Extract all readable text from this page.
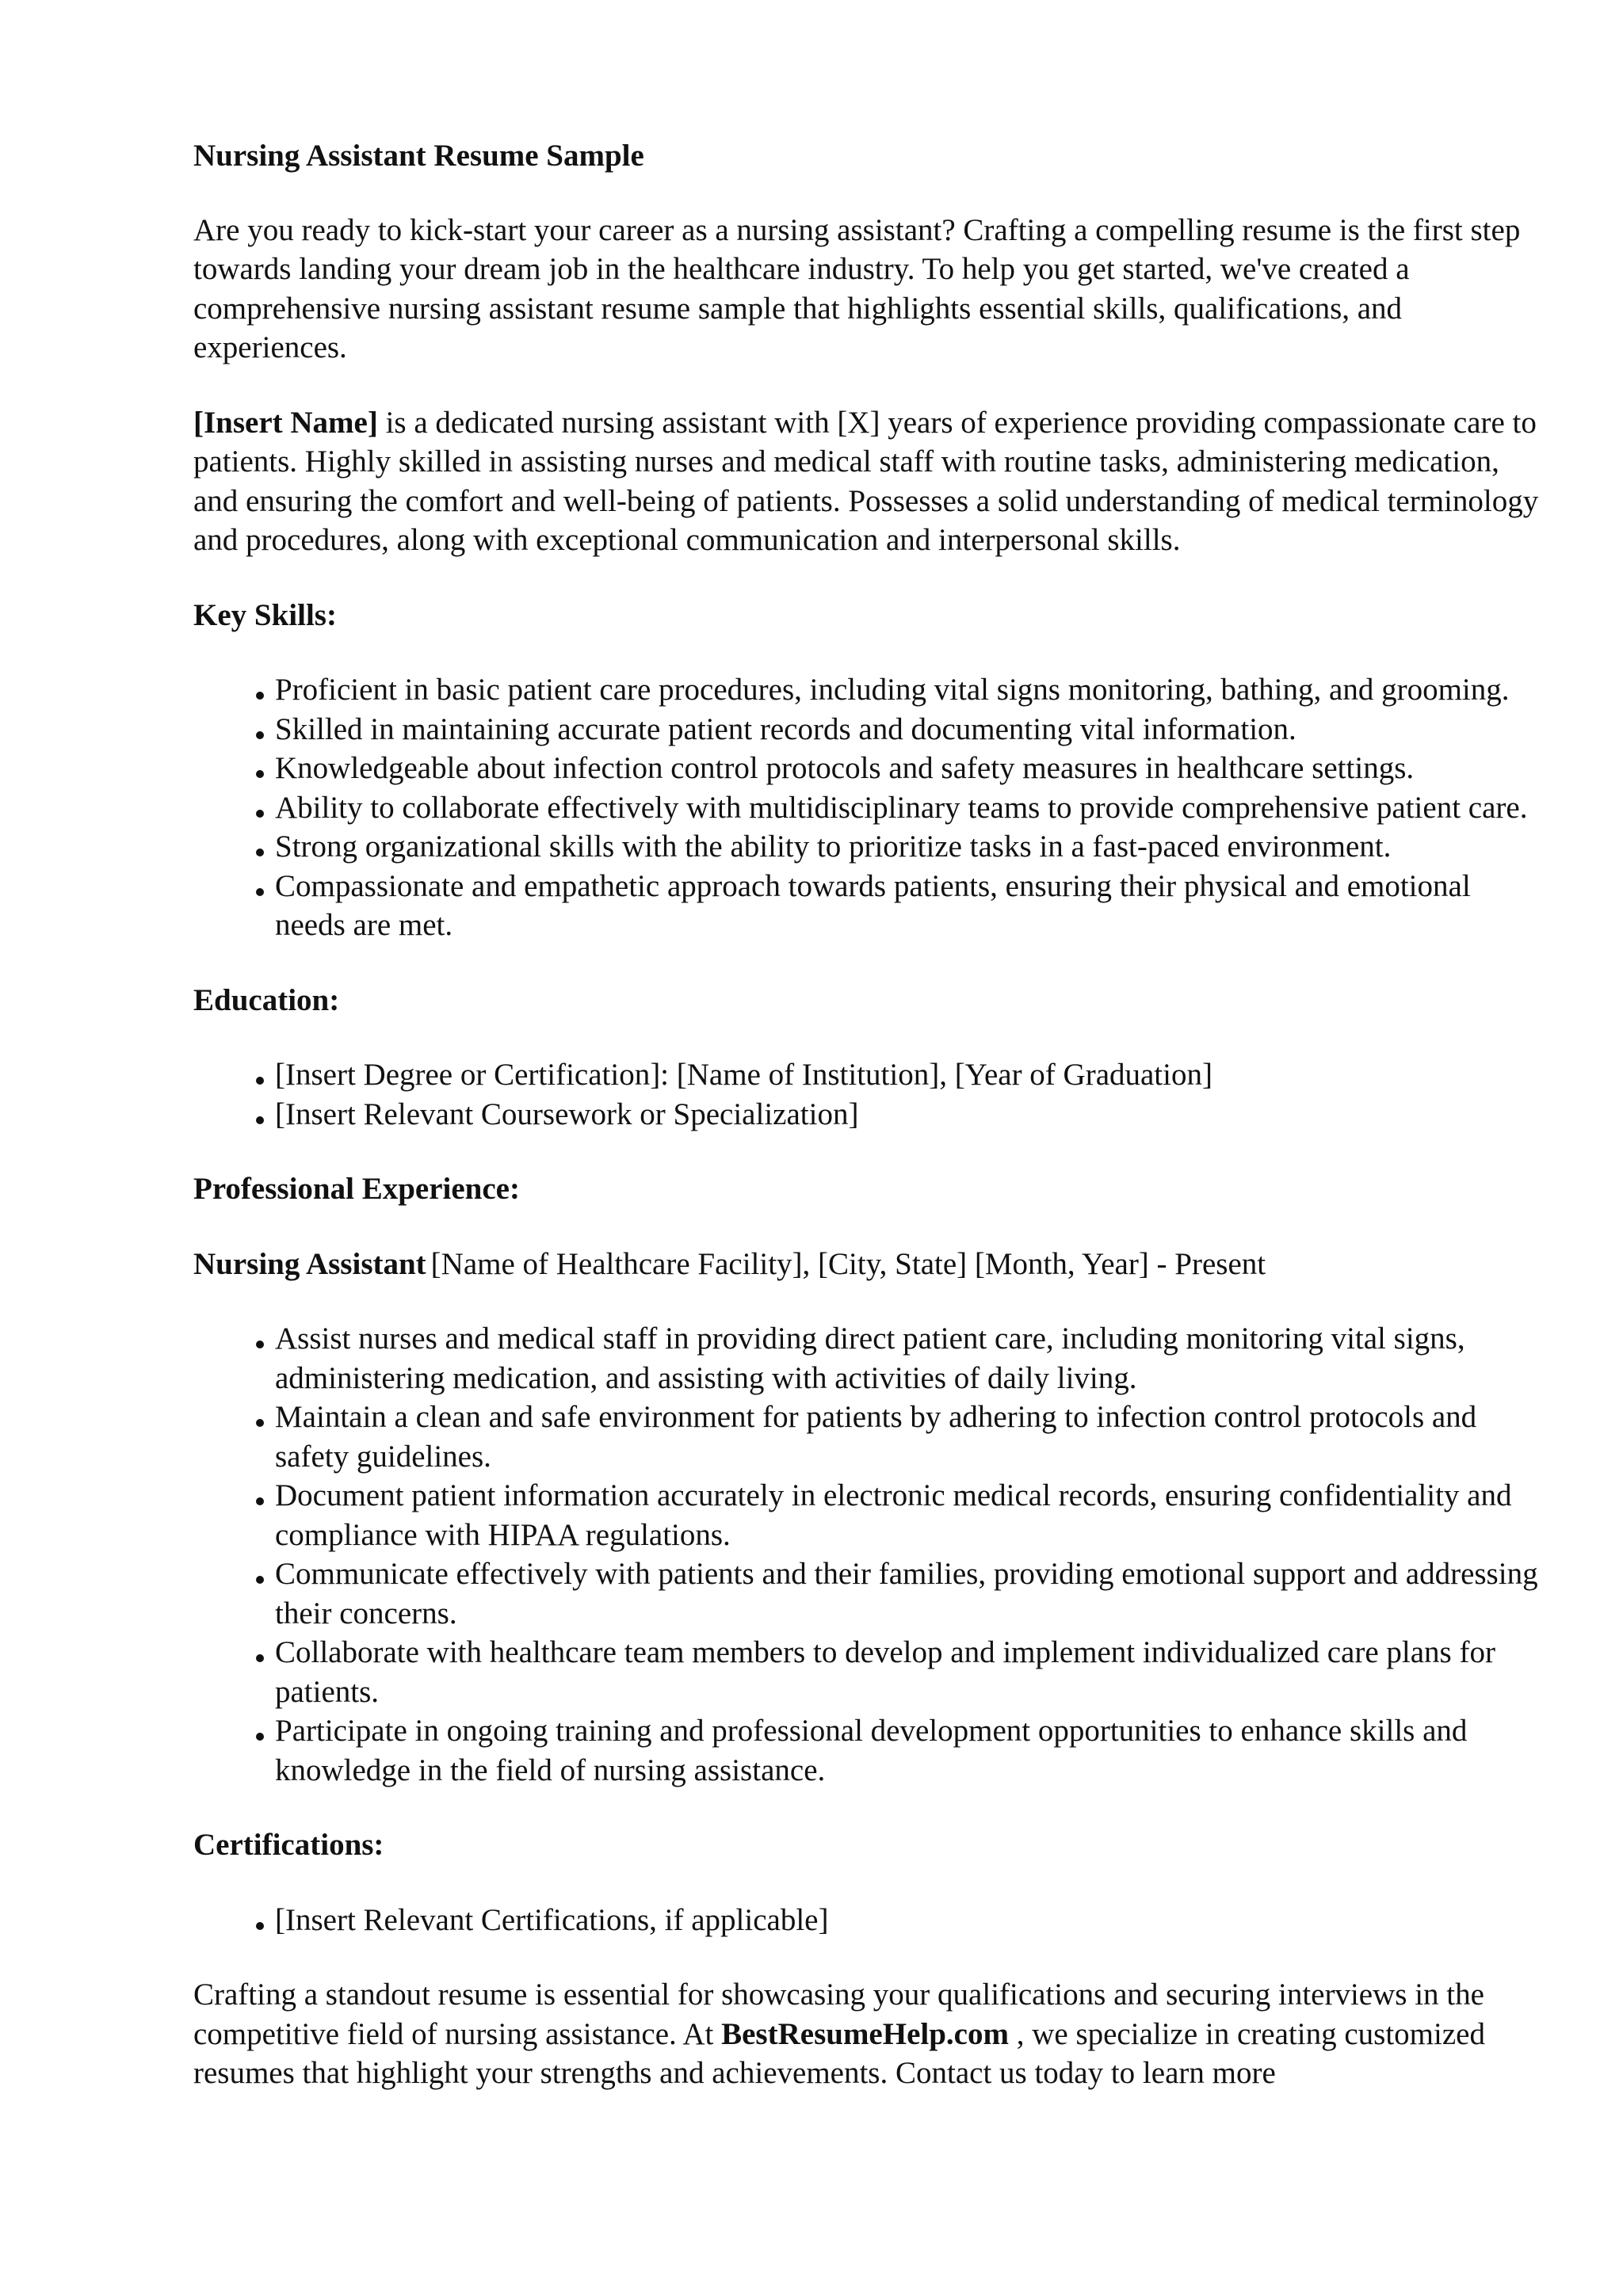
Nursing Assistant Resume Sample

Are you ready to kick-start your career as a nursing assistant? Crafting a compelling resume is the first step towards landing your dream job in the healthcare industry. To help you get started, we've created a comprehensive nursing assistant resume sample that highlights essential skills, qualifications, and experiences.

[Insert Name] is a dedicated nursing assistant with [X] years of experience providing compassionate care to patients. Highly skilled in assisting nurses and medical staff with routine tasks, administering medication, and ensuring the comfort and well-being of patients. Possesses a solid understanding of medical terminology and procedures, along with exceptional communication and interpersonal skills.

Key Skills:
Proficient in basic patient care procedures, including vital signs monitoring, bathing, and grooming.
Skilled in maintaining accurate patient records and documenting vital information.
Knowledgeable about infection control protocols and safety measures in healthcare settings.
Ability to collaborate effectively with multidisciplinary teams to provide comprehensive patient care.
Strong organizational skills with the ability to prioritize tasks in a fast-paced environment.
Compassionate and empathetic approach towards patients, ensuring their physical and emotional needs are met.
Education:
[Insert Degree or Certification]: [Name of Institution], [Year of Graduation]
[Insert Relevant Coursework or Specialization]
Professional Experience:

Nursing Assistant [Name of Healthcare Facility], [City, State] [Month, Year] - Present

Assist nurses and medical staff in providing direct patient care, including monitoring vital signs, administering medication, and assisting with activities of daily living.
Maintain a clean and safe environment for patients by adhering to infection control protocols and safety guidelines.
Document patient information accurately in electronic medical records, ensuring confidentiality and compliance with HIPAA regulations.
Communicate effectively with patients and their families, providing emotional support and addressing their concerns.
Collaborate with healthcare team members to develop and implement individualized care plans for patients.
Participate in ongoing training and professional development opportunities to enhance skills and knowledge in the field of nursing assistance.
Certifications:
[Insert Relevant Certifications, if applicable]

Crafting a standout resume is essential for showcasing your qualifications and securing interviews in the competitive field of nursing assistance. At BestResumeHelp.com , we specialize in creating customized resumes that highlight your strengths and achievements. Contact us today to learn more
